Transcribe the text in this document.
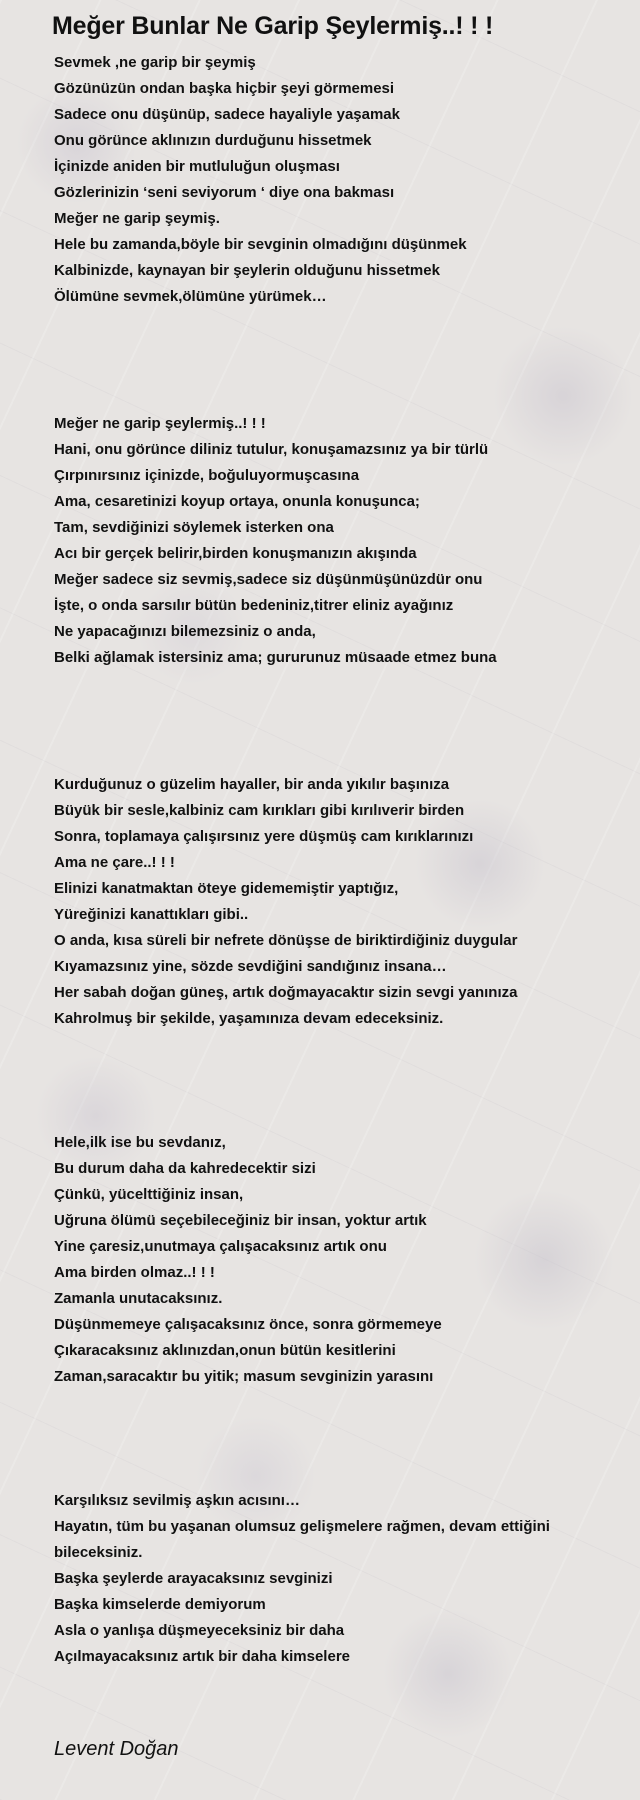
Meğer Bunlar Ne Garip Şeylermiş..! ! !
Sevmek ,ne garip bir şeymiş
Gözünüzün ondan başka hiçbir şeyi görmemesi
Sadece onu düşünüp, sadece hayaliyle yaşamak
Onu görünce aklınızın durduğunu hissetmek
İçinizde aniden bir mutluluğun oluşması
Gözlerinizin ‘seni seviyorum ‘ diye ona bakması
Meğer ne garip şeymiş.
Hele bu zamanda,böyle bir sevginin olmadığını düşünmek
Kalbinizde, kaynayan bir şeylerin olduğunu hissetmek
Ölümüne sevmek,ölümüne yürümek…
Meğer ne garip şeylermiş..! ! !
Hani, onu görünce diliniz tutulur, konuşamazsınız ya bir türlü
Çırpınırsınız içinizde, boğuluyormuşcasına
Ama, cesaretinizi koyup ortaya, onunla konuşunca;
Tam, sevdiğinizi söylemek isterken ona
Acı bir gerçek belirir,birden konuşmanızın akışında
Meğer sadece siz sevmiş,sadece siz düşünmüşünüzdür onu
İşte, o onda sarsılır bütün bedeniniz,titrer eliniz ayağınız
Ne yapacağınızı bilemezsiniz o anda,
Belki ağlamak istersiniz ama; gururunuz müsaade etmez buna
Kurduğunuz o güzelim hayaller, bir anda yıkılır başınıza
Büyük bir sesle,kalbiniz cam kırıkları gibi kırılıverir birden
Sonra, toplamaya çalışırsınız yere düşmüş cam kırıklarınızı
Ama ne çare..! ! !
Elinizi kanatmaktan öteye gidememiştir yaptığız,
Yüreğinizi kanattıkları gibi..
O anda, kısa süreli bir nefrete dönüşse de biriktirdiğiniz duygular
Kıyamazsınız yine, sözde sevdiğini sandığınız insana…
Her sabah doğan güneş, artık doğmayacaktır sizin sevgi yanınıza
Kahrolmuş bir şekilde, yaşamınıza devam edeceksiniz.
Hele,ilk ise bu sevdanız,
Bu durum daha da kahredecektir sizi
Çünkü, yücelttiğiniz insan,
Uğruna ölümü seçebileceğiniz bir insan, yoktur artık
Yine çaresiz,unutmaya çalışacaksınız artık onu
Ama birden olmaz..! ! !
Zamanla unutacaksınız.
Düşünmemeye çalışacaksınız önce, sonra görmemeye
Çıkaracaksınız aklınızdan,onun bütün kesitlerini
Zaman,saracaktır bu yitik; masum sevginizin yarasını
Karşılıksız sevilmiş aşkın acısını…
Hayatın, tüm bu yaşanan olumsuz gelişmelere rağmen, devam ettiğini bileceksiniz.
Başka şeylerde arayacaksınız sevginizi
Başka kimselerde demiyorum
Asla o yanlışa düşmeyeceksiniz bir daha
Açılmayacaksınız artık bir daha kimselere
Levent Doğan
